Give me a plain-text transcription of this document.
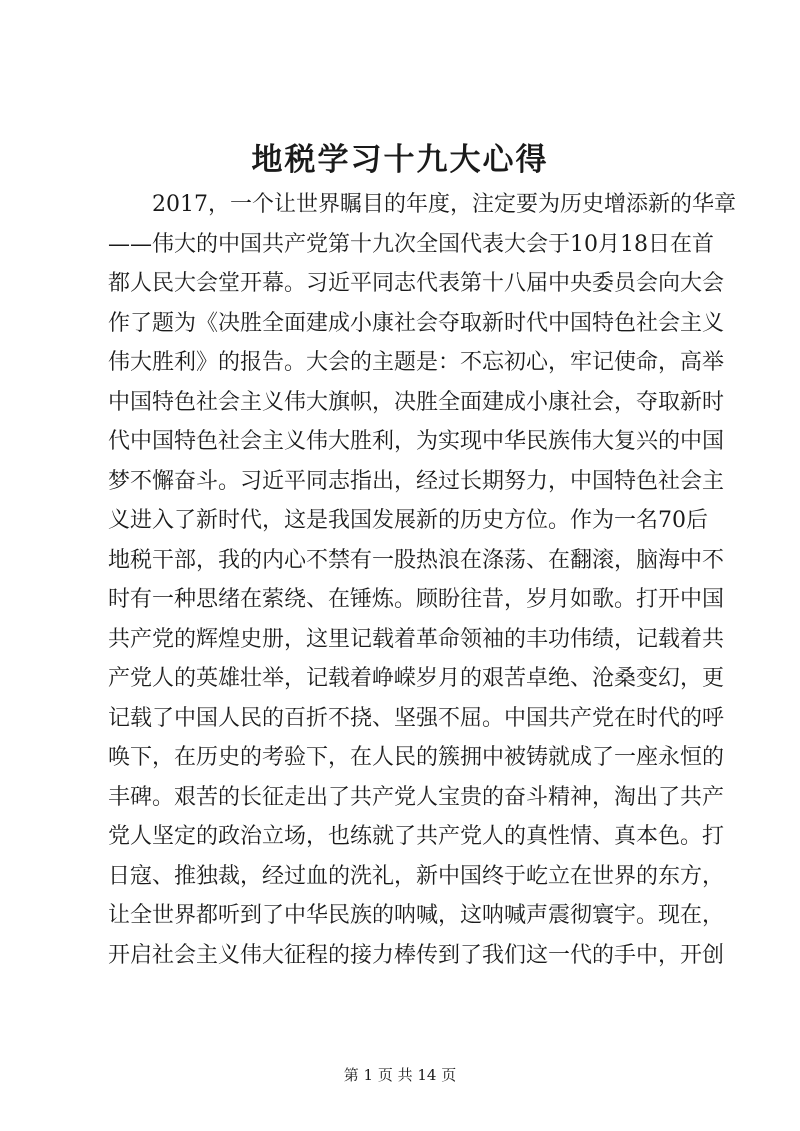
地税学习十九大心得
2017，一个让世界瞩目的年度，注定要为历史增添新的华章
——伟大的中国共产党第十九次全国代表大会于10月18日在首
都人民大会堂开幕。习近平同志代表第十八届中央委员会向大会
作了题为《决胜全面建成小康社会夺取新时代中国特色社会主义
伟大胜利》的报告。大会的主题是：不忘初心，牢记使命，高举
中国特色社会主义伟大旗帜，决胜全面建成小康社会，夺取新时
代中国特色社会主义伟大胜利，为实现中华民族伟大复兴的中国
梦不懈奋斗。习近平同志指出，经过长期努力，中国特色社会主
义进入了新时代，这是我国发展新的历史方位。作为一名70后
地税干部，我的内心不禁有一股热浪在涤荡、在翻滚，脑海中不
时有一种思绪在萦绕、在锤炼。顾盼往昔，岁月如歌。打开中国
共产党的辉煌史册，这里记载着革命领袖的丰功伟绩，记载着共
产党人的英雄壮举，记载着峥嵘岁月的艰苦卓绝、沧桑变幻，更
记载了中国人民的百折不挠、坚强不屈。中国共产党在时代的呼
唤下，在历史的考验下，在人民的簇拥中被铸就成了一座永恒的
丰碑。艰苦的长征走出了共产党人宝贵的奋斗精神，淘出了共产
党人坚定的政治立场，也练就了共产党人的真性情、真本色。打
日寇、推独裁，经过血的洗礼，新中国终于屹立在世界的东方，
让全世界都听到了中华民族的呐喊，这呐喊声震彻寰宇。现在，
开启社会主义伟大征程的接力棒传到了我们这一代的手中，开创
第 1 页 共 14 页
